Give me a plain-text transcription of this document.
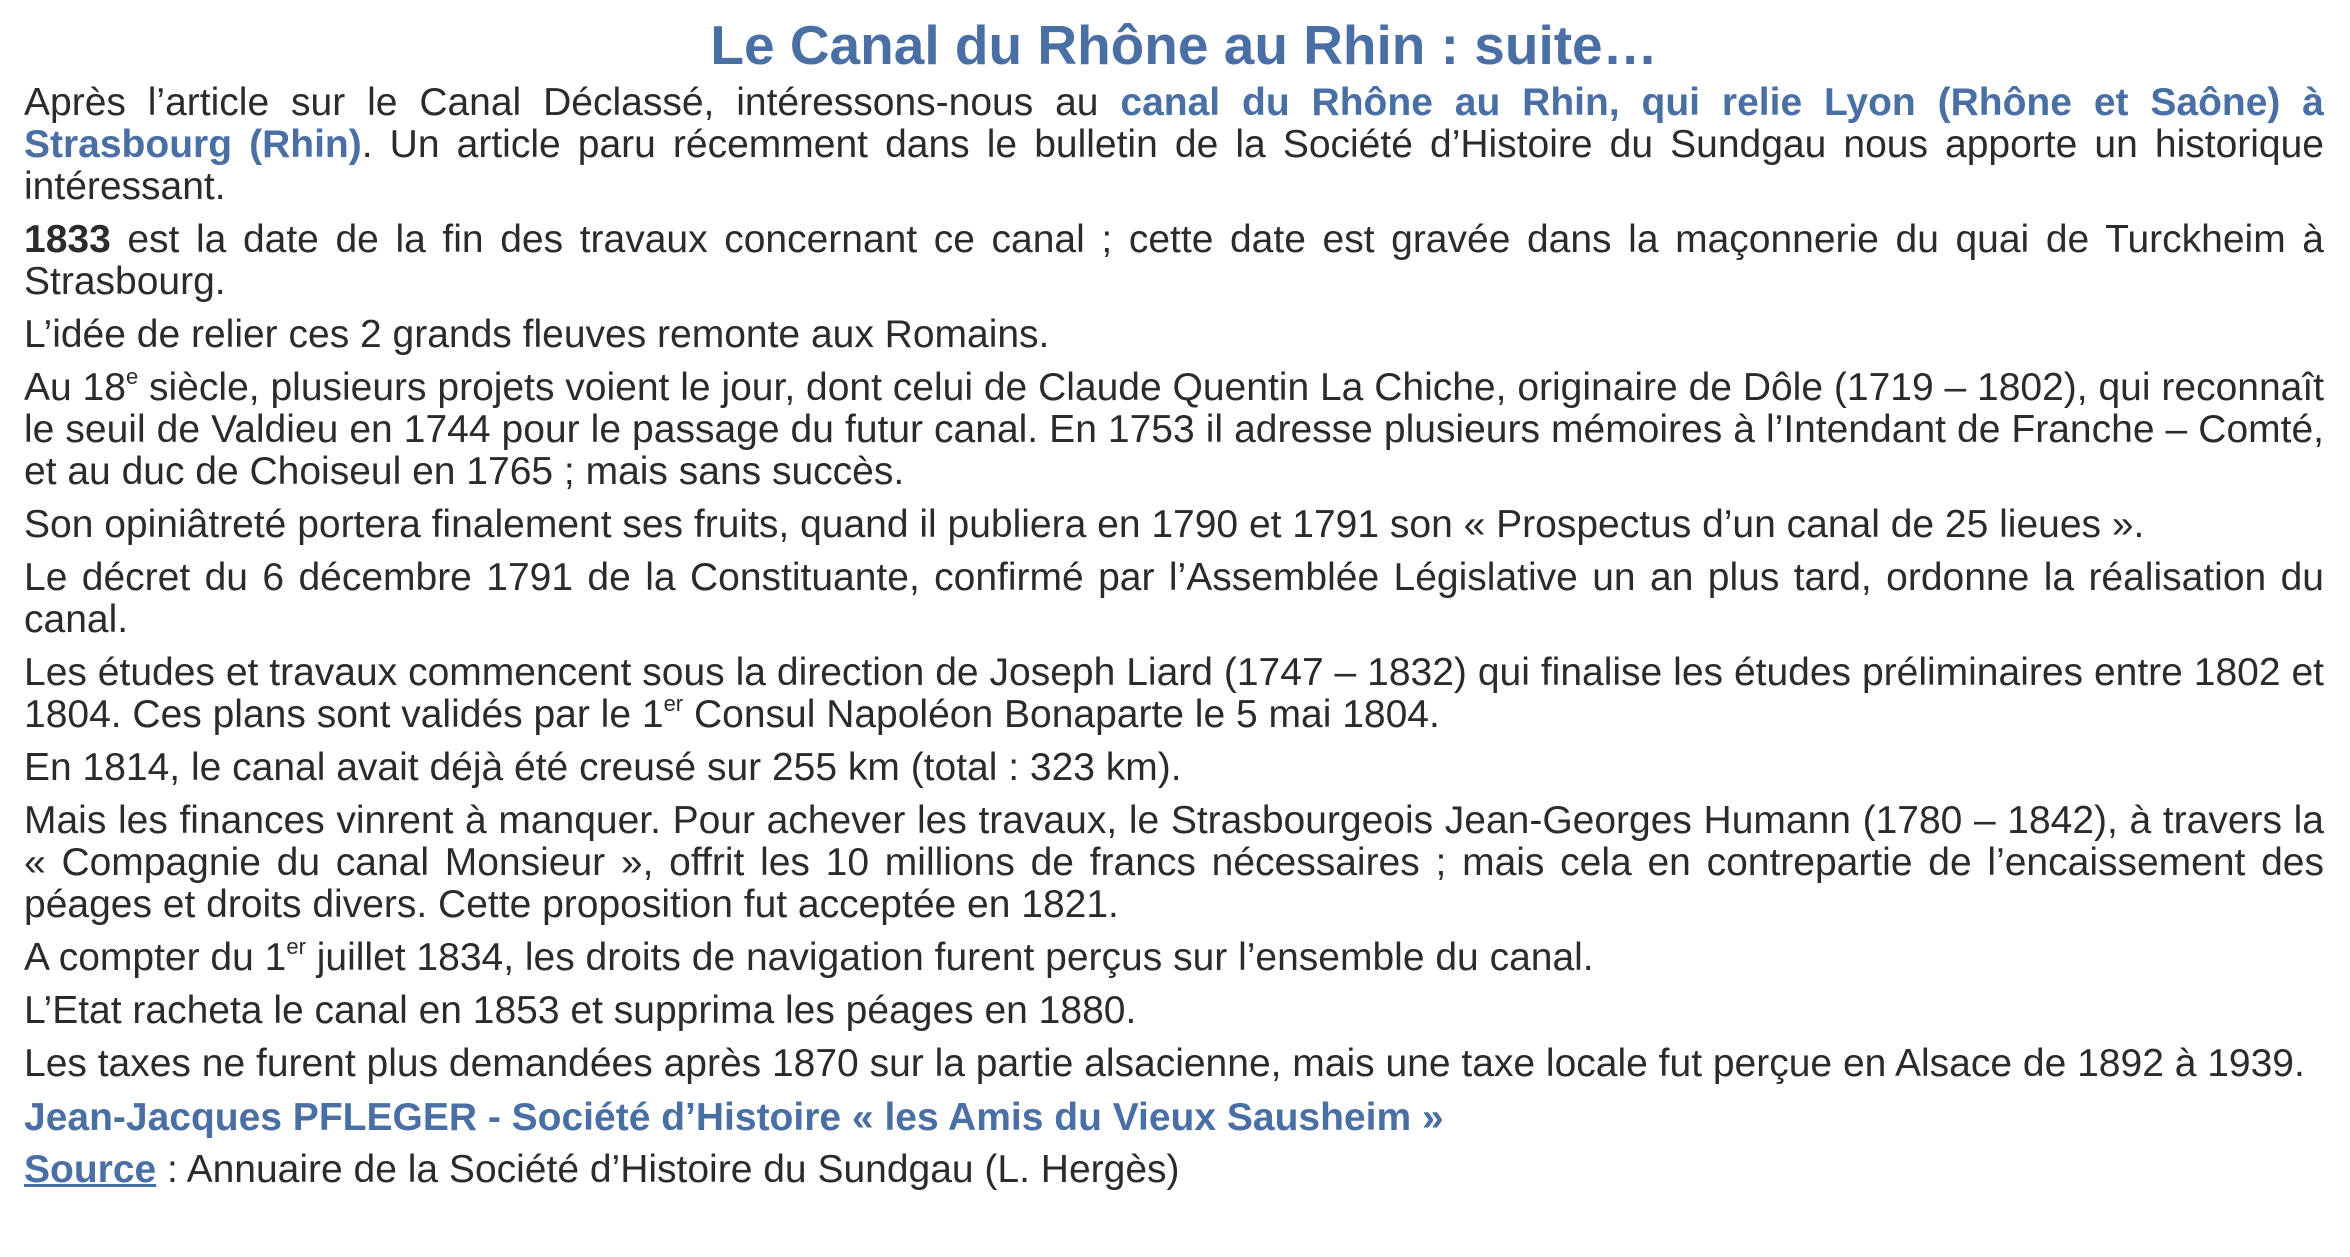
Le Canal du Rhône au Rhin : suite…

Après l’article sur le Canal Déclassé, intéressons-nous au canal du Rhône au Rhin, qui relie Lyon (Rhône et Saône) à Strasbourg (Rhin). Un article paru récemment dans le bulletin de la Société d’Histoire du Sundgau nous apporte un historique intéressant.

1833 est la date de la fin des travaux concernant ce canal ; cette date est gravée dans la maçonnerie du quai de Turckheim à Strasbourg.

L’idée de relier ces 2 grands fleuves remonte aux Romains.

Au 18e siècle, plusieurs projets voient le jour, dont celui de Claude Quentin La Chiche, originaire de Dôle (1719 – 1802), qui reconnaît le seuil de Valdieu en 1744 pour le passage du futur canal. En 1753 il adresse plusieurs mémoires à l’Intendant de Franche – Comté, et au duc de Choiseul en 1765 ; mais sans succès.

Son opiniâtreté portera finalement ses fruits, quand il publiera en 1790 et 1791 son « Prospectus d’un canal de 25 lieues ».

Le décret du 6 décembre 1791 de la Constituante, confirmé par l’Assemblée Législative un an plus tard, ordonne la réalisation du canal.

Les études et travaux commencent sous la direction de Joseph Liard (1747 – 1832) qui finalise les études préliminaires entre 1802 et 1804. Ces plans sont validés par le 1er Consul Napoléon Bonaparte le 5 mai 1804.

En 1814, le canal avait déjà été creusé sur 255 km (total : 323 km).

Mais les finances vinrent à manquer. Pour achever les travaux, le Strasbourgeois Jean-Georges Humann (1780 – 1842), à travers la « Compagnie du canal Monsieur », offrit les 10 millions de francs nécessaires ; mais cela en contrepartie de l’encaissement des péages et droits divers. Cette proposition fut acceptée en 1821.

A compter du 1er juillet 1834, les droits de navigation furent perçus sur l’ensemble du canal.

L’Etat racheta le canal en 1853 et supprima les péages en 1880.

Les taxes ne furent plus demandées après 1870 sur la partie alsacienne, mais une taxe locale fut perçue en Alsace de 1892 à 1939.

Jean-Jacques PFLEGER - Société d’Histoire « les Amis du Vieux Sausheim »

Source : Annuaire de la Société d’Histoire du Sundgau (L. Hergès)
